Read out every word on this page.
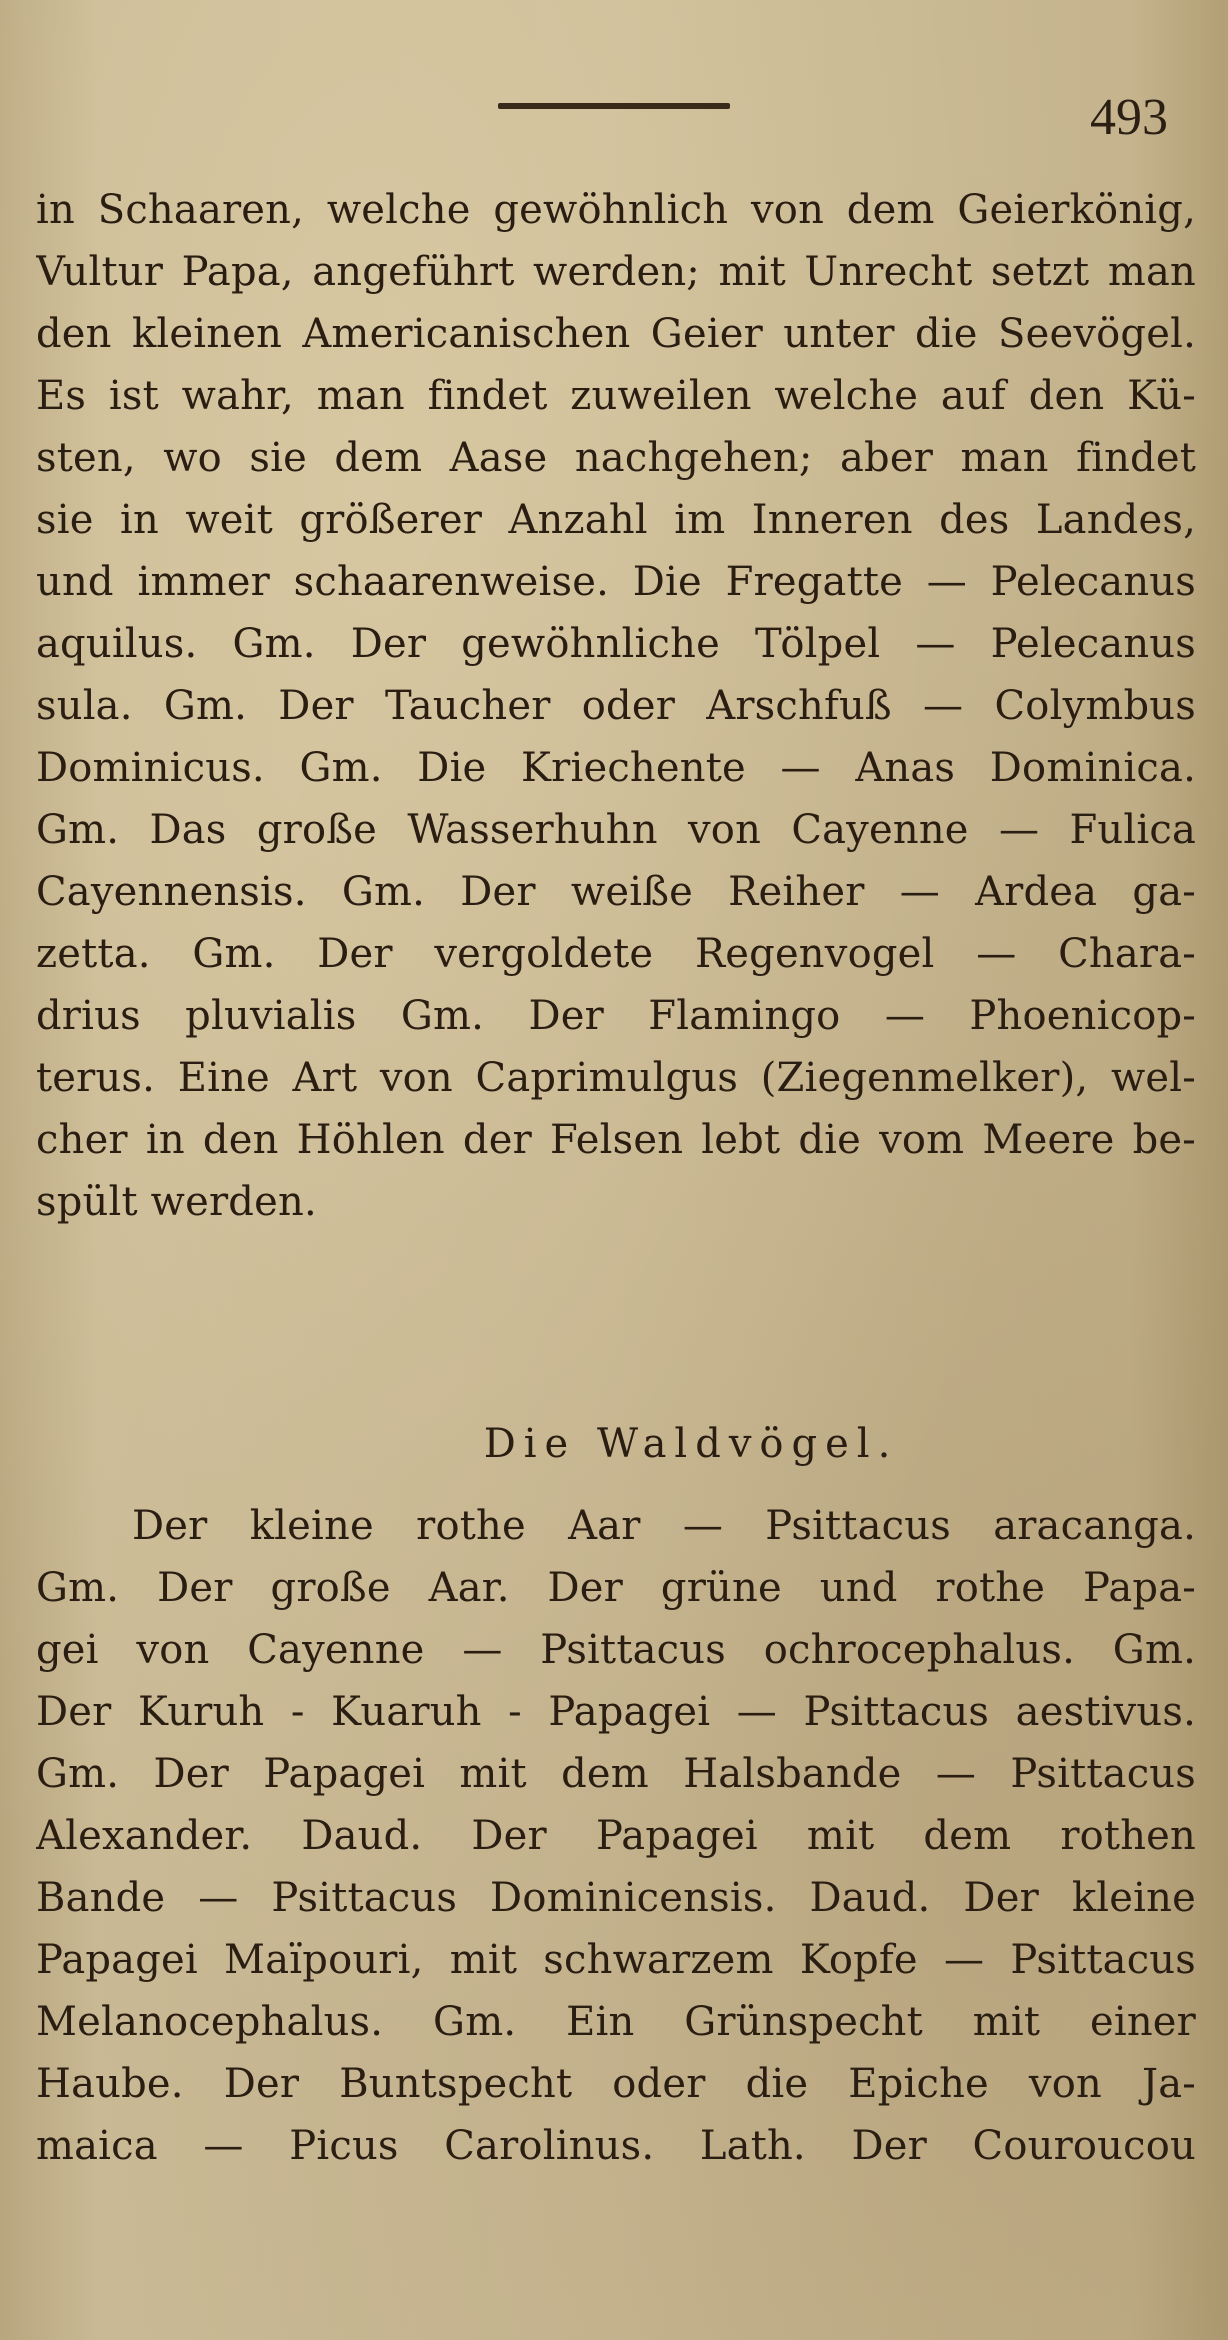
493
in Schaaren, welche gewöhnlich von dem Geierkönig,
Vultur Papa, angeführt werden; mit Unrecht setzt man
den kleinen Americanischen Geier unter die Seevögel.
Es ist wahr, man findet zuweilen welche auf den Kü-
sten, wo sie dem Aase nachgehen; aber man findet
sie in weit größerer Anzahl im Inneren des Landes,
und immer schaarenweise. Die Fregatte — Pelecanus
aquilus. Gm. Der gewöhnliche Tölpel — Pelecanus
sula. Gm. Der Taucher oder Arschfuß — Colymbus
Dominicus. Gm. Die Kriechente — Anas Dominica.
Gm. Das große Wasserhuhn von Cayenne — Fulica
Cayennensis. Gm. Der weiße Reiher — Ardea ga-
zetta. Gm. Der vergoldete Regenvogel — Chara-
drius pluvialis Gm. Der Flamingo — Phoenicop-
terus. Eine Art von Caprimulgus (Ziegenmelker), wel-
cher in den Höhlen der Felsen lebt die vom Meere be-
spült werden.
Die Waldvögel.
Der kleine rothe Aar — Psittacus aracanga.
Gm. Der große Aar. Der grüne und rothe Papa-
gei von Cayenne — Psittacus ochrocephalus. Gm.
Der Kuruh - Kuaruh - Papagei — Psittacus aestivus.
Gm. Der Papagei mit dem Halsbande — Psittacus
Alexander. Daud. Der Papagei mit dem rothen
Bande — Psittacus Dominicensis. Daud. Der kleine
Papagei Maïpouri, mit schwarzem Kopfe — Psittacus
Melanocephalus. Gm. Ein Grünspecht mit einer
Haube. Der Buntspecht oder die Epiche von Ja-
maica — Picus Carolinus. Lath. Der Couroucou
